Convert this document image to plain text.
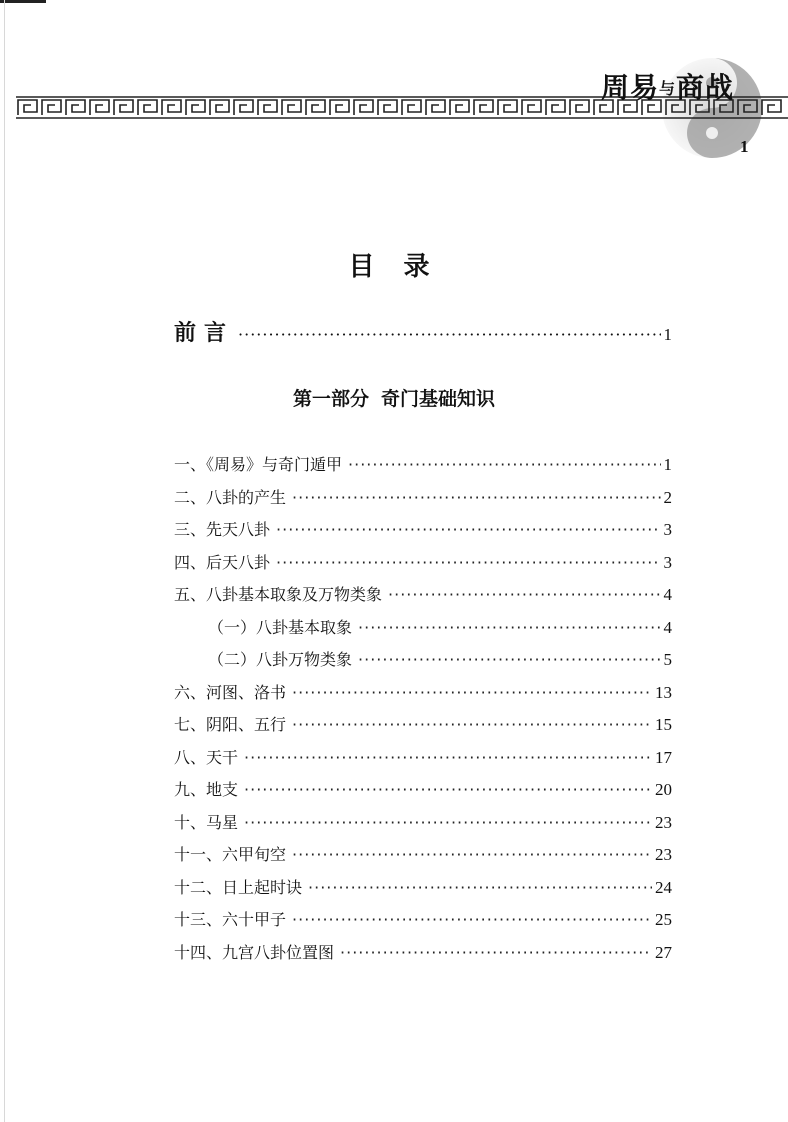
周易与商战
1
目 录
前言 ·····	1
第一部分 奇门基础知识
一、《周易》与奇门遁甲 ·····	1
二、八卦的产生 ·····	2
三、先天八卦 ·····	3
四、后天八卦 ·····	3
五、八卦基本取象及万物类象 ·····	4
（一）八卦基本取象 ·····	4
（二）八卦万物类象 ·····	5
六、河图、洛书 ·····	13
七、阴阳、五行 ·····	15
八、天干 ·····	17
九、地支 ·····	20
十、马星 ·····	23
十一、六甲旬空 ·····	23
十二、日上起时诀 ·····	24
十三、六十甲子 ·····	25
十四、九宫八卦位置图 ·····	27
